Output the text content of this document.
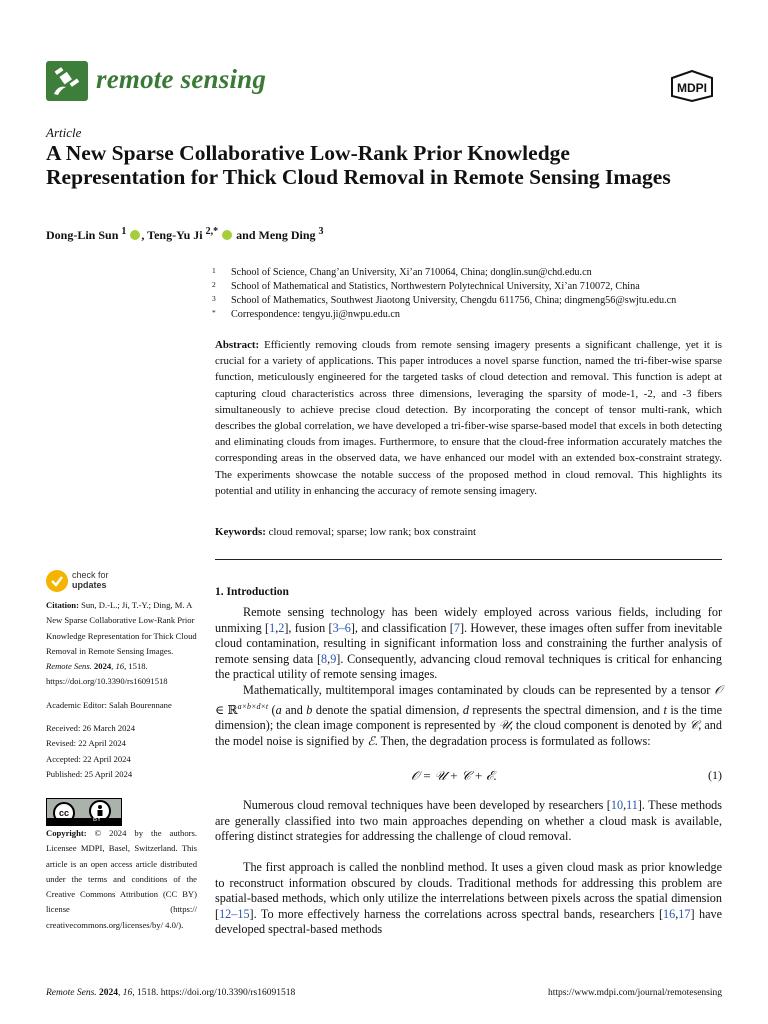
remote sensing	MDPI
Article
A New Sparse Collaborative Low-Rank Prior Knowledge Representation for Thick Cloud Removal in Remote Sensing Images
Dong-Lin Sun $^1$ , Teng-Yu Ji $^{2,*}$ and Meng Ding $^3$
1 School of Science, Chang’an University, Xi’an 710064, China; donglin.sun@chd.edu.cn
2 School of Mathematical and Statistics, Northwestern Polytechnical University, Xi’an 710072, China
3 School of Mathematics, Southwest Jiaotong University, Chengdu 611756, China; dingmeng56@swjtu.edu.cn
* Correspondence: tengyu.ji@nwpu.edu.cn
Abstract: Efficiently removing clouds from remote sensing imagery presents a significant challenge, yet it is crucial for a variety of applications. This paper introduces a novel sparse function, named the tri-fiber-wise sparse function, meticulously engineered for the targeted tasks of cloud detection and removal. This function is adept at capturing cloud characteristics across three dimensions, leveraging the sparsity of mode-1, -2, and -3 fibers simultaneously to achieve precise cloud detection. By incorporating the concept of tensor multi-rank, which describes the global correlation, we have developed a tri-fiber-wise sparse-based model that excels in both detecting and eliminating clouds from images. Furthermore, to ensure that the cloud-free information accurately matches the corresponding areas in the observed data, we have enhanced our model with an extended box-constraint strategy. The experiments showcase the notable success of the proposed method in cloud removal. This highlights its potential and utility in enhancing the accuracy of remote sensing imagery.
Keywords: cloud removal; sparse; low rank; box constraint
check for
updates

Citation: Sun, D.-L.; Ji, T.-Y.; Ding, M. A New Sparse Collaborative Low-Rank Prior Knowledge Representation for Thick Cloud Removal in Remote Sensing Images. Remote Sens. 2024, 16, 1518. https://doi.org/10.3390/rs16091518

Academic Editor: Salah Bourennane

Received: 26 March 2024

Revised: 22 April 2024

Accepted: 22 April 2024

Published: 25 April 2024

cc
BY
Copyright: © 2024 by the authors. Licensee MDPI, Basel, Switzerland. This article is an open access article distributed under the terms and conditions of the Creative Commons Attribution (CC BY) license (https:// creativecommons.org/licenses/by/ 4.0/).
1. Introduction
Remote sensing technology has been widely employed across various fields, including for unmixing [1,2], fusion [3–6], and classification [7]. However, these images often suffer from inevitable cloud contamination, resulting in significant information loss and constraining the further analysis of remote sensing data [8,9]. Consequently, advancing cloud removal techniques is critical for enhancing the practical utility of remote sensing images.
Mathematically, multitemporal images contaminated by clouds can be represented by a tensor 𝒪 ∈ ℝ$^{a\times b\times d\times t}$ (a and b denote the spatial dimension, d represents the spectral dimension, and t is the time dimension); the clean image component is represented by 𝒰, the cloud component is denoted by 𝒞, and the model noise is signified by ℰ. Then, the degradation process is formulated as follows:
𝒪 = 𝒰 + 𝒞 + ℰ.	(1)
Numerous cloud removal techniques have been developed by researchers [10,11]. These methods are generally classified into two main approaches depending on whether a cloud mask is available, offering distinct strategies for addressing the challenge of cloud removal.
The first approach is called the nonblind method. It uses a given cloud mask as prior knowledge to reconstruct information obscured by clouds. Traditional methods for addressing this problem are spatial-based methods, which only utilize the interrelations between pixels across the spatial dimension [12–15]. To more effectively harness the correlations across spectral bands, researchers [16,17] have developed spectral-based methods
Remote Sens. 2024, 16, 1518. https://doi.org/10.3390/rs16091518	https://www.mdpi.com/journal/remotesensing
